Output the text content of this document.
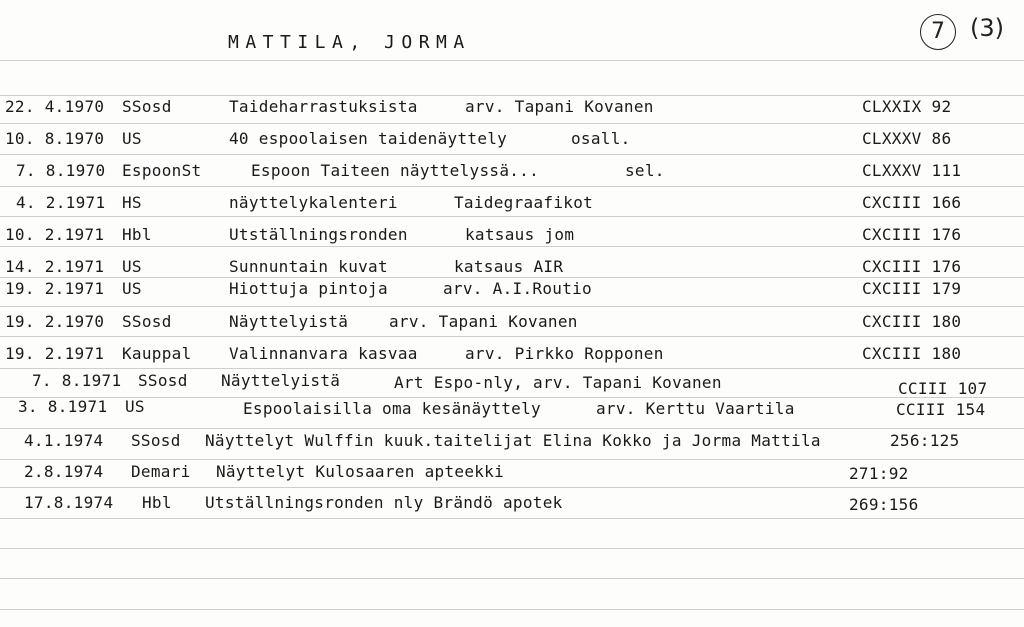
MATTILA, JORMA	7	(3)
22. 4.1970 SSosd	Taideharrastuksista	arv. Tapani Kovanen	CLXXIX 92
10. 8.1970 US	40 espoolaisen taidenäyttely	osall.	CLXXXV 86
7. 8.1970 EspoonSt	Espoon Taiteen näyttelyssä...	sel.	CLXXXV 111
4. 2.1971 HS	näyttelykalenteri	Taidegraafikot	CXCIII 166
10. 2.1971 Hbl	Utställningsronden	katsaus jom	CXCIII 176
14. 2.1971 US	Sunnuntain kuvat	katsaus AIR	CXCIII 176
19. 2.1971 US	Hiottuja pintoja	arv. A.I.Routio	CXCIII 179
19. 2.1970 SSosd	Näyttelyistä	arv. Tapani Kovanen	CXCIII 180
19. 2.1971 Kauppal Valinnanvara kasvaa	arv. Pirkko Ropponen	CXCIII 180
7. 8.1971 SSosd Näyttelyistä	Art Espo-nly, arv. Tapani Kovanen	CCIII 107
3. 8.1971 US	Espoolaisilla oma kesänäyttely	arv. Kerttu Vaartila	CCIII 154
4.1.1974 SSosd Näyttelyt Wulffin kuuk.taitelijat Elina Kokko ja Jorma Mattila	256:125
2.8.1974 Demari Näyttelyt Kulosaaren apteekki	271:92
17.8.1974 Hbl Utställningsronden nly Brändö apotek	269:156
